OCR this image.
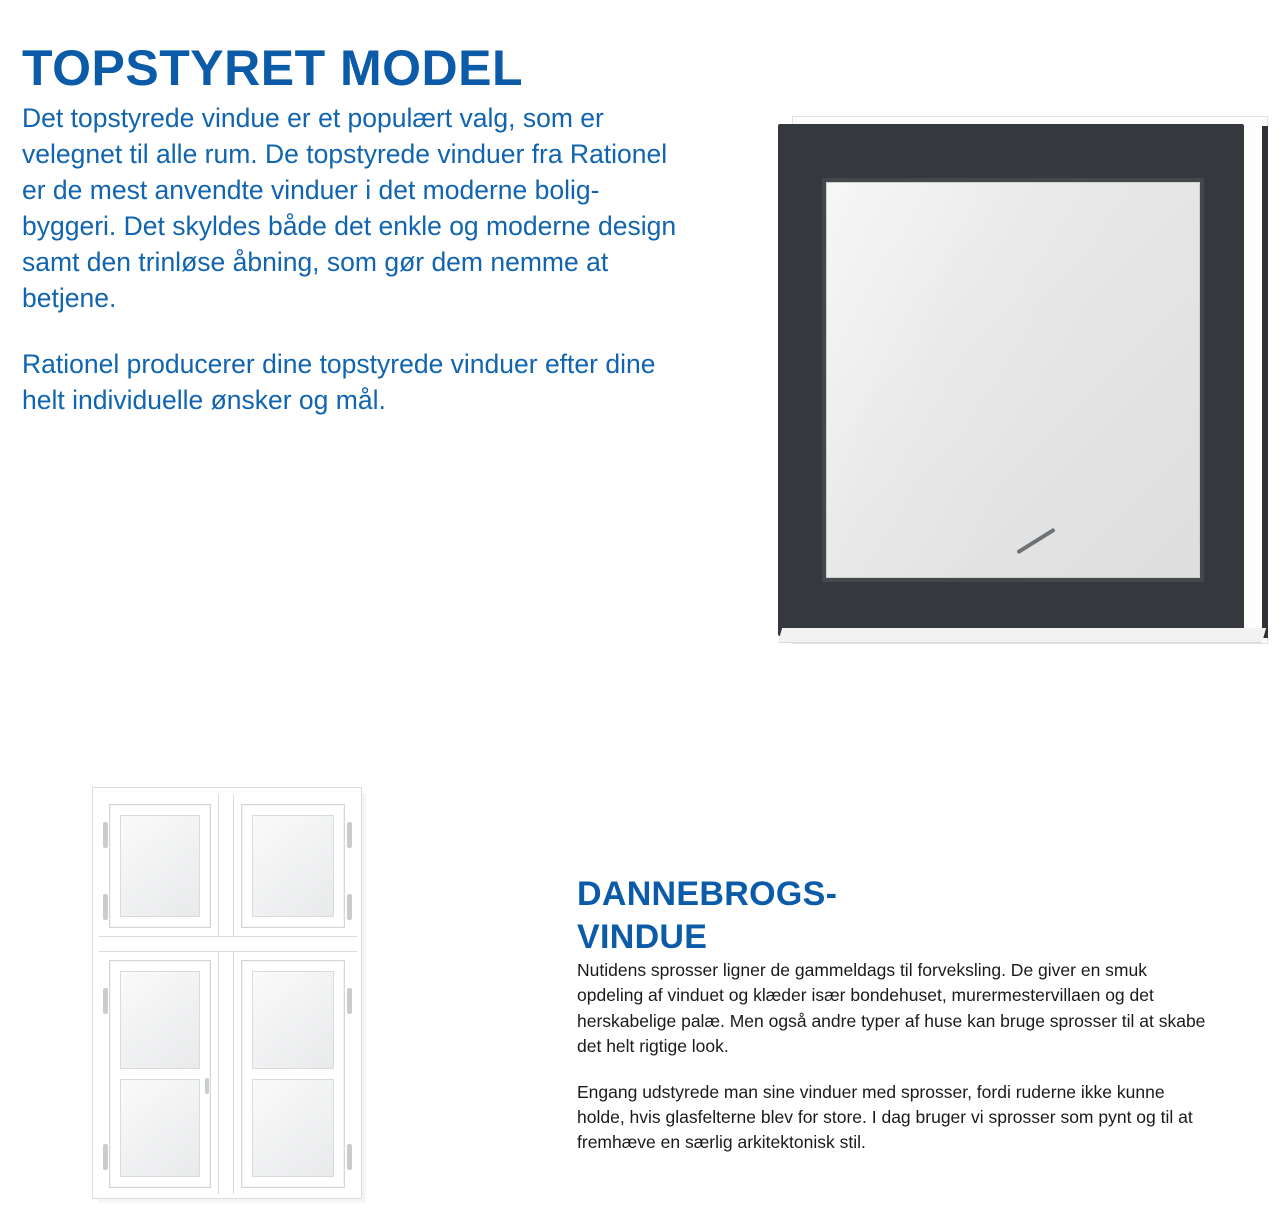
TOPSTYRET MODEL

Det topstyrede vindue er et populært valg, som er velegnet til alle rum. De topstyrede vinduer fra Rationel er de mest anvendte vinduer i det moderne bolig-byggeri. Det skyldes både det enkle og moderne design samt den trinløse åbning, som gør dem nemme at betjene.

Rationel producerer dine topstyrede vinduer efter dine helt individuelle ønsker og mål.

DANNEBROGS-
VINDUE

Nutidens sprosser ligner de gammeldags til forveksling. De giver en smuk opdeling af vinduet og klæder især bondehuset, murermestervillaen og det herskabelige palæ. Men også andre typer af huse kan bruge sprosser til at skabe det helt rigtige look.

Engang udstyrede man sine vinduer med sprosser, fordi ruderne ikke kunne holde, hvis glasfelterne blev for store. I dag bruger vi sprosser som pynt og til at fremhæve en særlig arkitektonisk stil.
